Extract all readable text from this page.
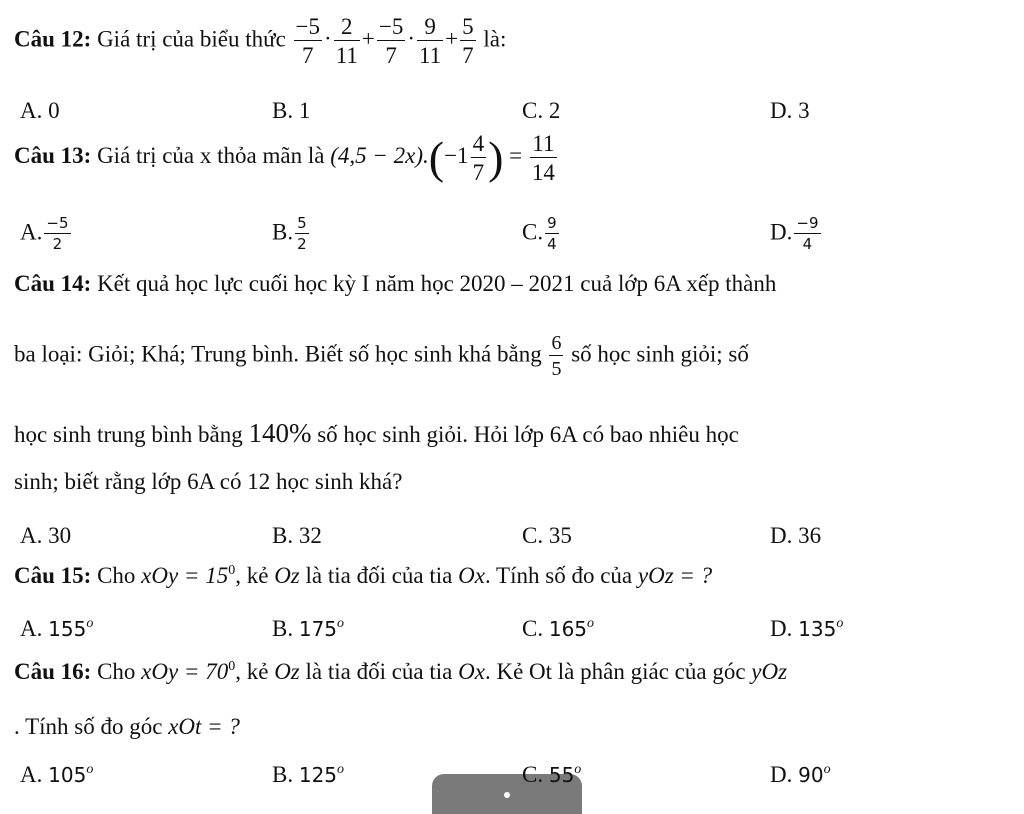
Câu 12: Giá trị của biểu thức $\frac{-5}{7} \cdot \frac{2}{11} + \frac{-5}{7} \cdot \frac{9}{11} + \frac{5}{7}$ là:
A. 0	B. 1	C. 2	D. 3
Câu 13: Giá trị của x thỏa mãn là $(4,5 - 2x).(-1 \frac{4}{7}$ ) = $\frac{11}{14}$
A. $\frac{-5}{2}$	B. $\frac{5}{2}$	C. $\frac{9}{4}$	D. $\frac{-9}{4}$
Câu 14: Kết quả học lực cuối học kỳ I năm học 2020 – 2021 cuả lớp 6A xếp thành
ba loại: Giỏi; Khá; Trung bình. Biết số học sinh khá bằng $\frac{6}{5}$ số học sinh giỏi; số
học sinh trung bình bằng 140% số học sinh giỏi. Hỏi lớp 6A có bao nhiêu học
sinh; biết rằng lớp 6A có 12 học sinh khá?
A. 30	B. 32	C. 35	D. 36
Câu 15: Cho xOy = $15^0$, kẻ Oz là tia đối của tia Ox. Tính số đo của yOz = ?
A. 155$^o$	B. 175$^o$	C. 165$^o$	D. 135$^o$
Câu 16: Cho xOy = $70^0$, kẻ Oz là tia đối của tia Ox. Kẻ Ot là phân giác của góc yOz
. Tính số đo góc xOt = ?
A. 105$^o$	B. 125$^o$	C. 55$^o$	D. 90$^o$
